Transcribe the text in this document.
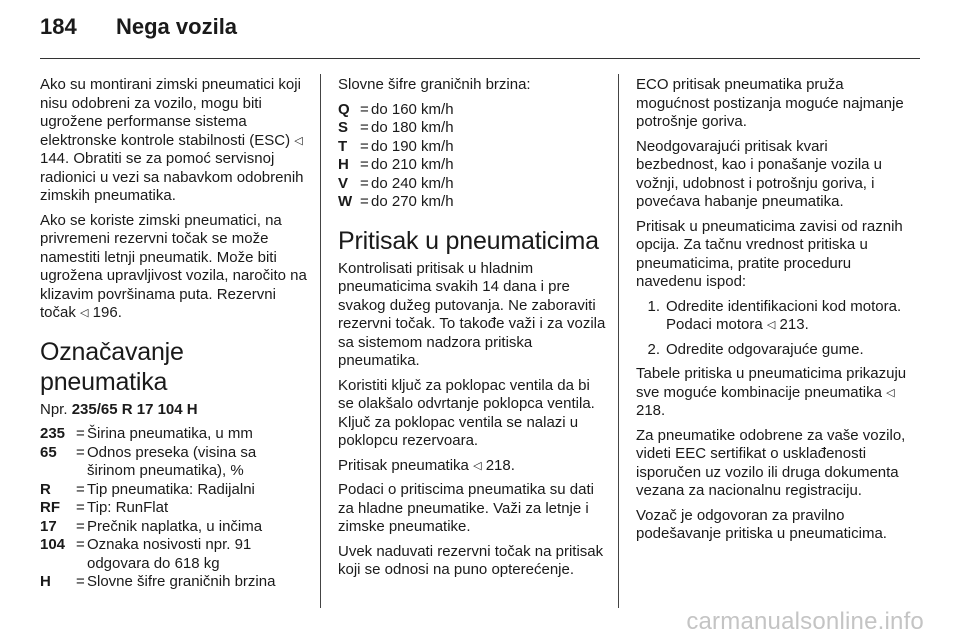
184	Nega vozila

Ako su montirani zimski pneumatici koji nisu odobreni za vozilo, mogu biti ugrožene performanse sistema elektronske kontrole stabilnosti (ESC) ◁ 144. Obratiti se za pomoć servisnoj radionici u vezi sa nabavkom odobrenih zimskih pneumatika.

Ako se koriste zimski pneumatici, na privremeni rezervni točak se može namestiti letnji pneumatik. Može biti ugrožena upravljivost vozila, naročito na klizavim površinama puta. Rezervni točak ◁ 196.

Označavanje pneumatika

Npr. 235/65 R 17 104 H

235 = Širina pneumatika, u mm
65	= Odnos preseka (visina sa širinom pneumatika), %
R	= Tip pneumatika: Radijalni
RF	= Tip: RunFlat
17	= Prečnik naplatka, u inčima
104 = Oznaka nosivosti npr. 91 odgovara do 618 kg
H	= Slovne šifre graničnih brzina

Slovne šifre graničnih brzina:

Q = do 160 km/h
S = do 180 km/h
T = do 190 km/h
H = do 210 km/h
V = do 240 km/h
W = do 270 km/h
Pritisak u pneumaticima

Kontrolisati pritisak u hladnim pneumaticima svakih 14 dana i pre svakog dužeg putovanja. Ne zaboraviti rezervni točak. To takođe važi i za vozila sa sistemom nadzora pritiska pneumatika.

Koristiti ključ za poklopac ventila da bi se olakšalo odvrtanje poklopca ventila. Ključ za poklopac ventila se nalazi u poklopcu rezervoara.

Pritisak pneumatika ◁ 218.

Podaci o pritiscima pneumatika su dati za hladne pneumatike. Važi za letnje i zimske pneumatike.

Uvek naduvati rezervni točak na pritisak koji se odnosi na puno opterećenje.

ECO pritisak pneumatika pruža mogućnost postizanja moguće najmanje potrošnje goriva.

Neodgovarajući pritisak kvari bezbednost, kao i ponašanje vozila u vožnji, udobnost i potrošnju goriva, i povećava habanje pneumatika.

Pritisak u pneumaticima zavisi od raznih opcija. Za tačnu vrednost pritiska u pneumaticima, pratite proceduru navedenu ispod:

1. Odredite identifikacioni kod motora. Podaci motora ◁ 213.
2. Odredite odgovarajuće gume.

Tabele pritiska u pneumaticima prikazuju sve moguće kombinacije pneumatika ◁ 218.

Za pneumatike odobrene za vaše vozilo, videti EEC sertifikat o usklađenosti isporučen uz vozilo ili druga dokumenta vezana za nacionalnu registraciju.

Vozač je odgovoran za pravilno podešavanje pritiska u pneumaticima.

carmanualsonline.info
